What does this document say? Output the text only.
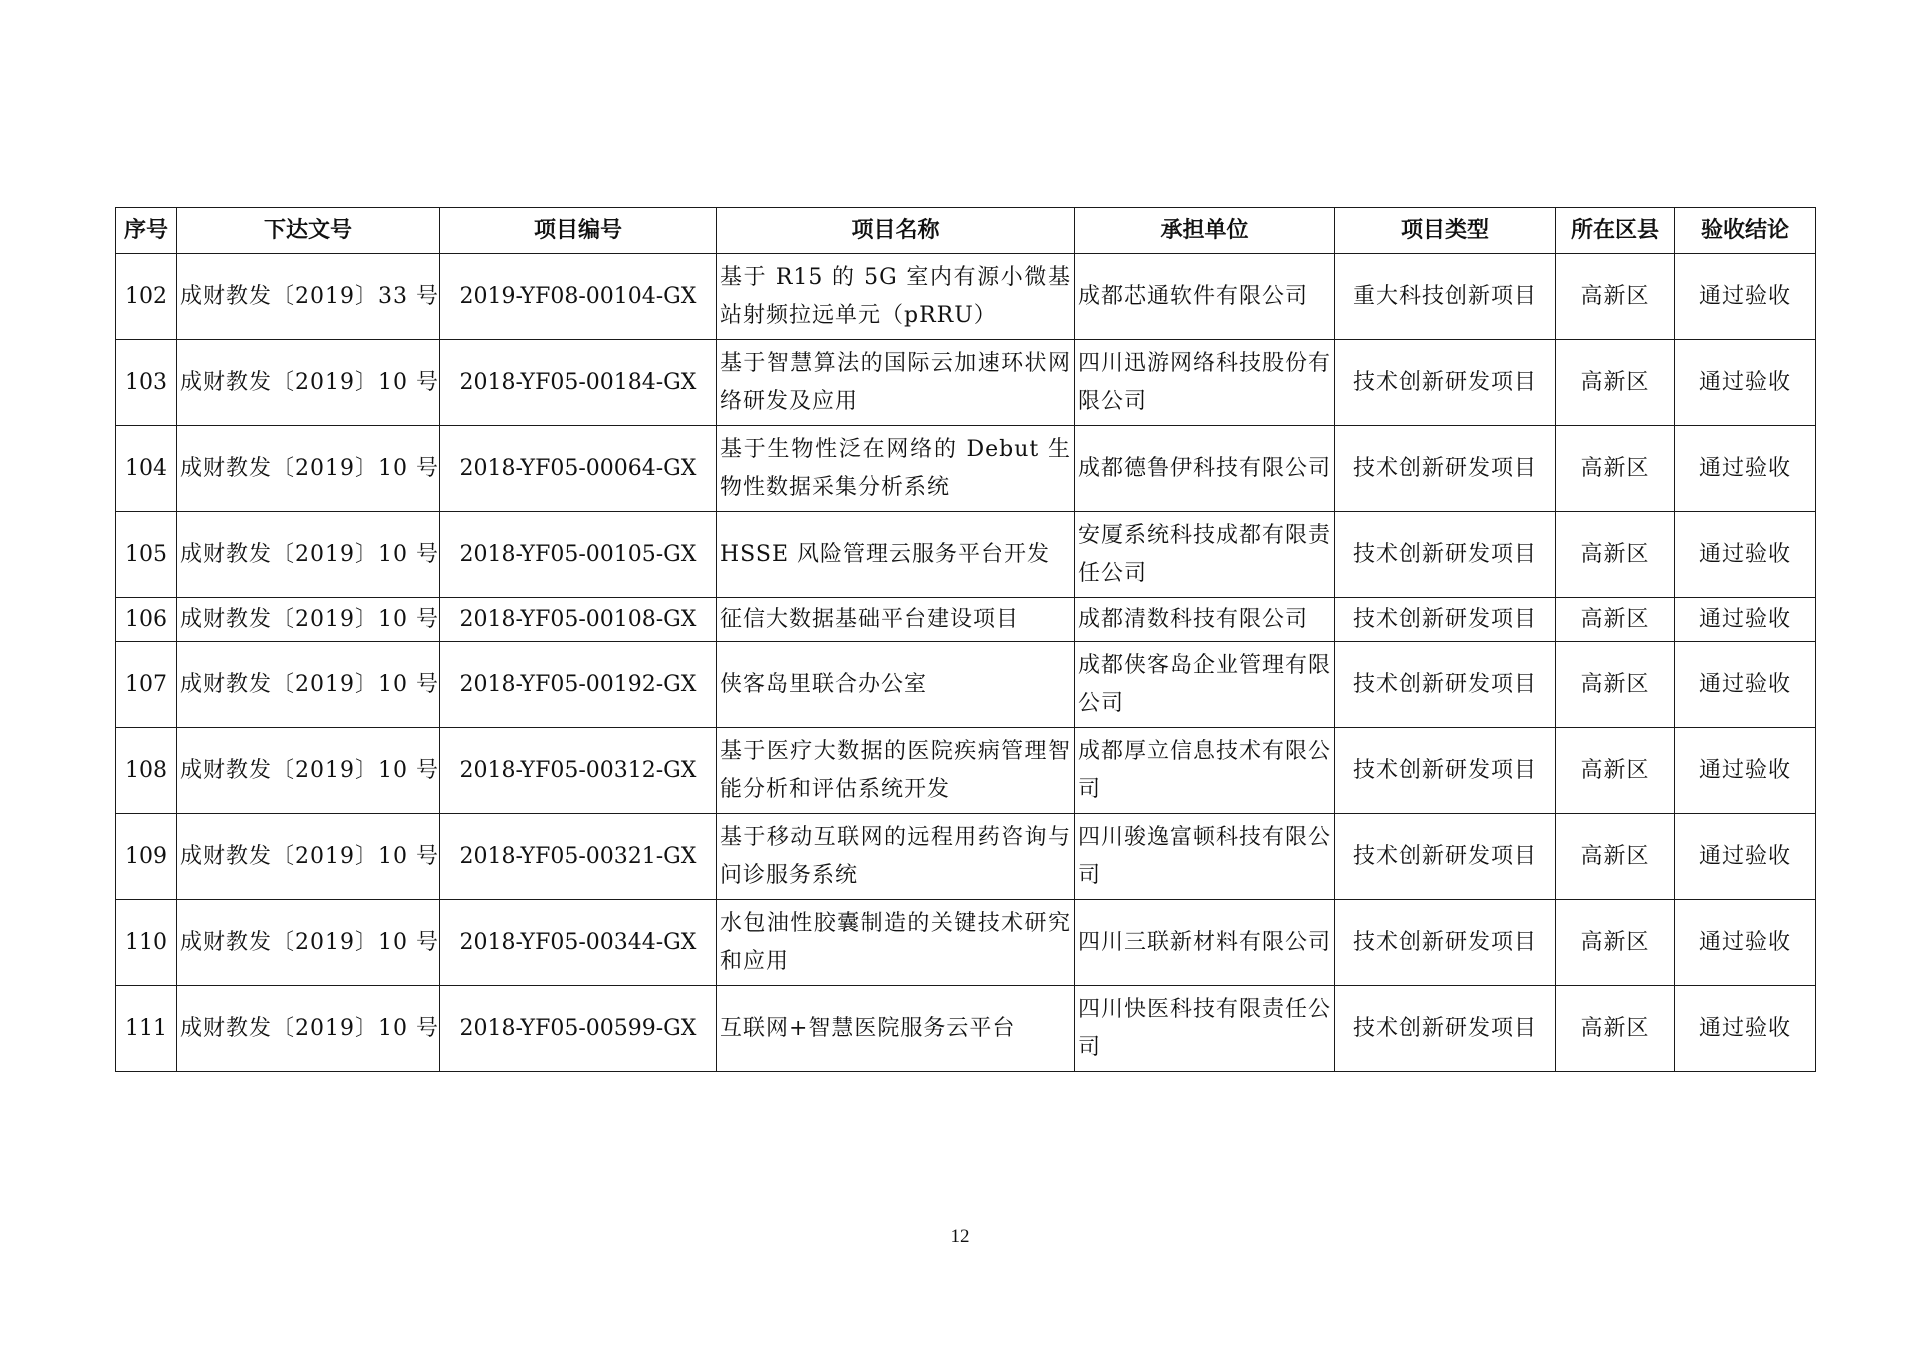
序号	下达文号	项目编号	项目名称	承担单位	项目类型	所在区县	验收结论
102	成财教发〔2019〕33 号	2019-YF08-00104-GX	基于 R15 的 5G 室内有源小微基站射频拉远单元（pRRU）	成都芯通软件有限公司	重大科技创新项目	高新区	通过验收
103	成财教发〔2019〕10 号	2018-YF05-00184-GX	基于智慧算法的国际云加速环状网络研发及应用	四川迅游网络科技股份有限公司	技术创新研发项目	高新区	通过验收
104	成财教发〔2019〕10 号	2018-YF05-00064-GX	基于生物性泛在网络的 Debut 生物性数据采集分析系统	成都德鲁伊科技有限公司	技术创新研发项目	高新区	通过验收
105	成财教发〔2019〕10 号	2018-YF05-00105-GX	HSSE 风险管理云服务平台开发	安厦系统科技成都有限责任公司	技术创新研发项目	高新区	通过验收
106	成财教发〔2019〕10 号	2018-YF05-00108-GX	征信大数据基础平台建设项目	成都清数科技有限公司	技术创新研发项目	高新区	通过验收
107	成财教发〔2019〕10 号	2018-YF05-00192-GX	侠客岛里联合办公室	成都侠客岛企业管理有限公司	技术创新研发项目	高新区	通过验收
108	成财教发〔2019〕10 号	2018-YF05-00312-GX	基于医疗大数据的医院疾病管理智能分析和评估系统开发	成都厚立信息技术有限公司	技术创新研发项目	高新区	通过验收
109	成财教发〔2019〕10 号	2018-YF05-00321-GX	基于移动互联网的远程用药咨询与问诊服务系统	四川骏逸富顿科技有限公司	技术创新研发项目	高新区	通过验收
110	成财教发〔2019〕10 号	2018-YF05-00344-GX	水包油性胶囊制造的关键技术研究和应用	四川三联新材料有限公司	技术创新研发项目	高新区	通过验收
111	成财教发〔2019〕10 号	2018-YF05-00599-GX	互联网+智慧医院服务云平台	四川快医科技有限责任公司	技术创新研发项目	高新区	通过验收
12
